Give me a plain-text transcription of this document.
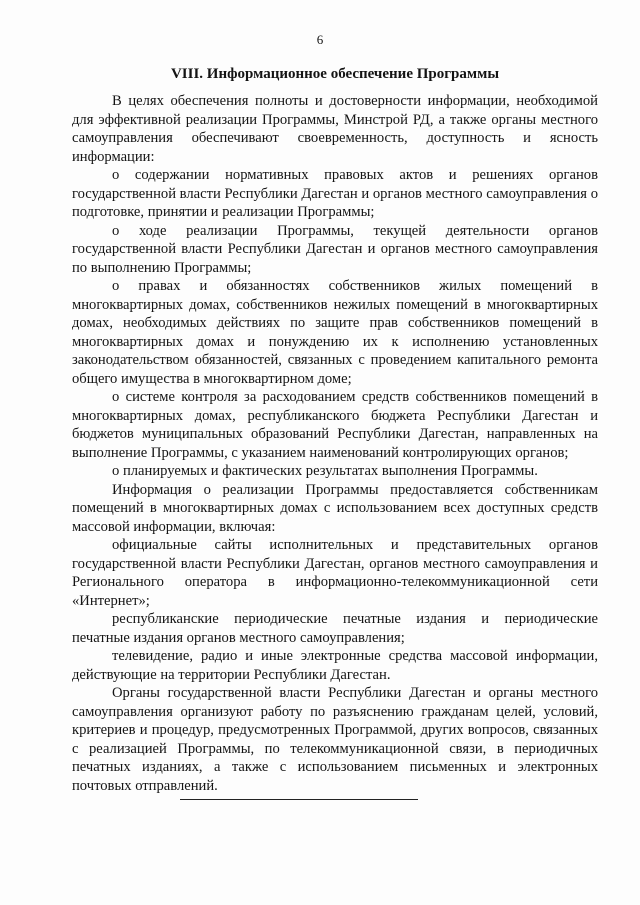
6
VIII. Информационное обеспечение Программы

В целях обеспечения полноты и достоверности информации, необходимой для эффективной реализации Программы, Минстрой РД, а также органы местного самоуправления обеспечивают своевременность, доступность и ясность информации:

о содержании нормативных правовых актов и решениях органов государственной власти Республики Дагестан и органов местного самоуправления о подготовке, принятии и реализации Программы;

о ходе реализации Программы, текущей деятельности органов государственной власти Республики Дагестан и органов местного самоуправления по выполнению Программы;

о правах и обязанностях собственников жилых помещений в многоквартирных домах, собственников нежилых помещений в многоквартирных домах, необходимых действиях по защите прав собственников помещений в многоквартирных домах и понуждению их к исполнению установленных законодательством обязанностей, связанных с проведением капитального ремонта общего имущества в многоквартирном доме;

о системе контроля за расходованием средств собственников помещений в многоквартирных домах, республиканского бюджета Республики Дагестан и бюджетов муниципальных образований Республики Дагестан, направленных на выполнение Программы, с указанием наименований контролирующих органов;

о планируемых и фактических результатах выполнения Программы.

Информация о реализации Программы предоставляется собственникам помещений в многоквартирных домах с использованием всех доступных средств массовой информации, включая:

официальные сайты исполнительных и представительных органов государственной власти Республики Дагестан, органов местного самоуправления и Регионального оператора в информационно-телекоммуникационной сети «Интернет»;

республиканские периодические печатные издания и периодические печатные издания органов местного самоуправления;

телевидение, радио и иные электронные средства массовой информации, действующие на территории Республики Дагестан.

Органы государственной власти Республики Дагестан и органы местного самоуправления организуют работу по разъяснению гражданам целей, условий, критериев и процедур, предусмотренных Программой, других вопросов, связанных с реализацией Программы, по телекоммуникационной связи, в периодичных печатных изданиях, а также с использованием письменных и электронных почтовых отправлений.
